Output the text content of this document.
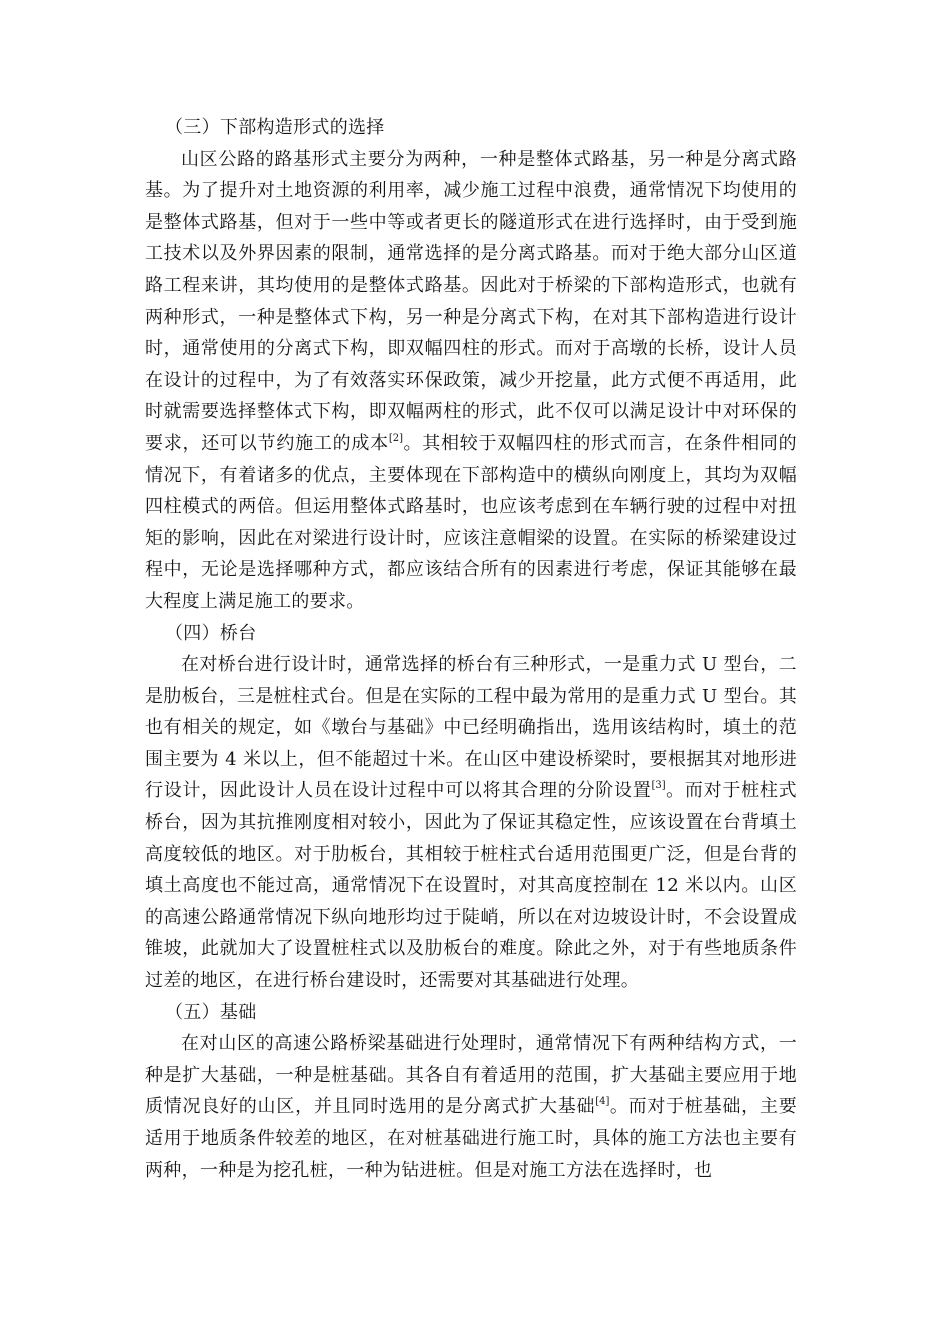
（三）下部构造形式的选择

山区公路的路基形式主要分为两种，一种是整体式路基，另一种是分离式路基。为了提升对土地资源的利用率，减少施工过程中浪费，通常情况下均使用的是整体式路基，但对于一些中等或者更长的隧道形式在进行选择时，由于受到施工技术以及外界因素的限制，通常选择的是分离式路基。而对于绝大部分山区道路工程来讲，其均使用的是整体式路基。因此对于桥梁的下部构造形式，也就有两种形式，一种是整体式下构，另一种是分离式下构，在对其下部构造进行设计时，通常使用的分离式下构，即双幅四柱的形式。而对于高墩的长桥，设计人员在设计的过程中，为了有效落实环保政策，减少开挖量，此方式便不再适用，此时就需要选择整体式下构，即双幅两柱的形式，此不仅可以满足设计中对环保的要求，还可以节约施工的成本[2]。其相较于双幅四柱的形式而言，在条件相同的情况下，有着诸多的优点，主要体现在下部构造中的横纵向刚度上，其均为双幅四柱模式的两倍。但运用整体式路基时，也应该考虑到在车辆行驶的过程中对扭矩的影响，因此在对梁进行设计时，应该注意帽梁的设置。在实际的桥梁建设过程中，无论是选择哪种方式，都应该结合所有的因素进行考虑，保证其能够在最大程度上满足施工的要求。

（四）桥台

在对桥台进行设计时，通常选择的桥台有三种形式，一是重力式 U 型台，二是肋板台，三是桩柱式台。但是在实际的工程中最为常用的是重力式 U 型台。其也有相关的规定，如《墩台与基础》中已经明确指出，选用该结构时，填土的范围主要为 4 米以上，但不能超过十米。在山区中建设桥梁时，要根据其对地形进行设计，因此设计人员在设计过程中可以将其合理的分阶设置[3]。而对于桩柱式桥台，因为其抗推刚度相对较小，因此为了保证其稳定性，应该设置在台背填土高度较低的地区。对于肋板台，其相较于桩柱式台适用范围更广泛，但是台背的填土高度也不能过高，通常情况下在设置时，对其高度控制在 12 米以内。山区的高速公路通常情况下纵向地形均过于陡峭，所以在对边坡设计时，不会设置成锥坡，此就加大了设置桩柱式以及肋板台的难度。除此之外，对于有些地质条件过差的地区，在进行桥台建设时，还需要对其基础进行处理。

（五）基础

在对山区的高速公路桥梁基础进行处理时，通常情况下有两种结构方式，一种是扩大基础，一种是桩基础。其各自有着适用的范围，扩大基础主要应用于地质情况良好的山区，并且同时选用的是分离式扩大基础[4]。而对于桩基础，主要适用于地质条件较差的地区，在对桩基础进行施工时，具体的施工方法也主要有两种，一种是为挖孔桩，一种为钻进桩。但是对施工方法在选择时，也
